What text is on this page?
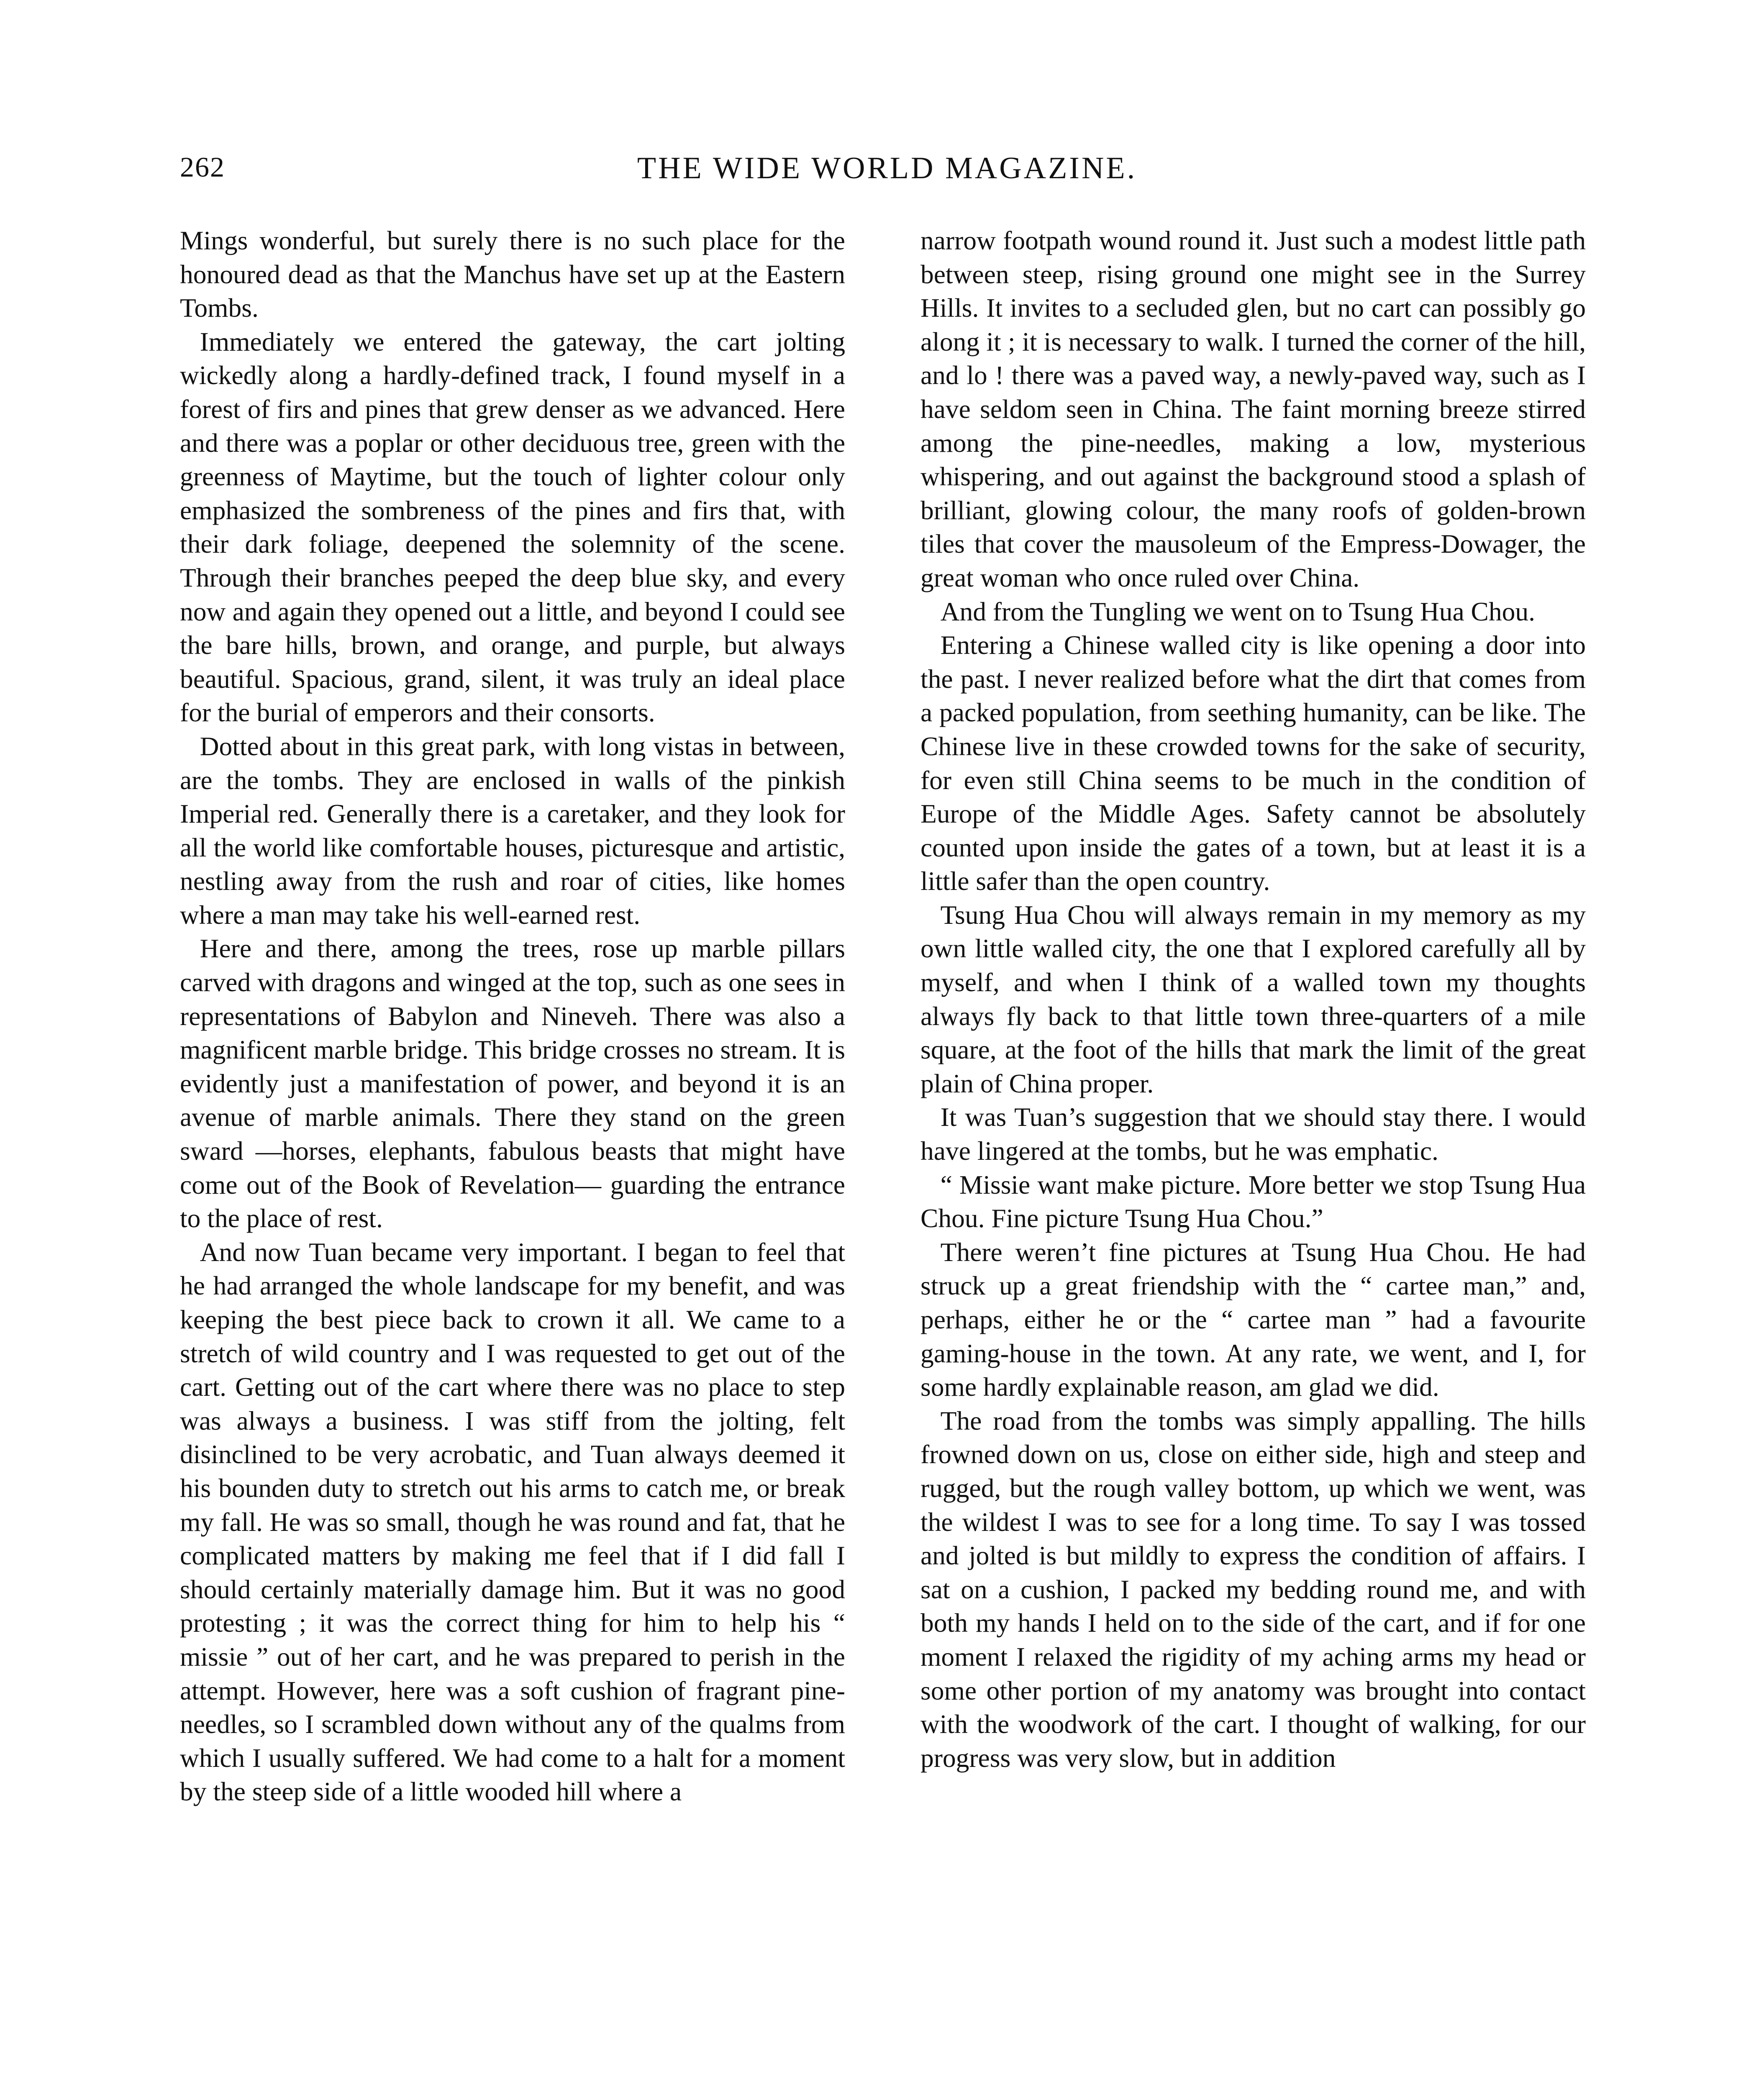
262	THE WIDE WORLD MAGAZINE.

Mings wonderful, but surely there is no such place for the honoured dead as that the Manchus have set up at the Eastern Tombs.

Immediately we entered the gateway, the cart jolting wickedly along a hardly-defined track, I found myself in a forest of firs and pines that grew denser as we advanced. Here and there was a poplar or other deciduous tree, green with the greenness of Maytime, but the touch of lighter colour only emphasized the sombreness of the pines and firs that, with their dark foliage, deepened the solemnity of the scene. Through their branches peeped the deep blue sky, and every now and again they opened out a little, and beyond I could see the bare hills, brown, and orange, and purple, but always beautiful. Spacious, grand, silent, it was truly an ideal place for the burial of emperors and their consorts.

Dotted about in this great park, with long vistas in between, are the tombs. They are enclosed in walls of the pinkish Imperial red. Generally there is a caretaker, and they look for all the world like comfortable houses, picturesque and artistic, nestling away from the rush and roar of cities, like homes where a man may take his well-earned rest.

Here and there, among the trees, rose up marble pillars carved with dragons and winged at the top, such as one sees in representations of Babylon and Nineveh. There was also a magnificent marble bridge. This bridge crosses no stream. It is evidently just a manifestation of power, and beyond it is an avenue of marble animals. There they stand on the green sward —horses, elephants, fabulous beasts that might have come out of the Book of Revelation— guarding the entrance to the place of rest.

And now Tuan became very important. I began to feel that he had arranged the whole landscape for my benefit, and was keeping the best piece back to crown it all. We came to a stretch of wild country and I was requested to get out of the cart. Getting out of the cart where there was no place to step was always a business. I was stiff from the jolting, felt disinclined to be very acrobatic, and Tuan always deemed it his bounden duty to stretch out his arms to catch me, or break my fall. He was so small, though he was round and fat, that he complicated matters by making me feel that if I did fall I should certainly materially damage him. But it was no good protesting ; it was the correct thing for him to help his “ missie ” out of her cart, and he was prepared to perish in the attempt. However, here was a soft cushion of fragrant pine-needles, so I scrambled down without any of the qualms from which I usually suffered. We had come to a halt for a moment by the steep side of a little wooded hill where a

narrow footpath wound round it. Just such a modest little path between steep, rising ground one might see in the Surrey Hills. It invites to a secluded glen, but no cart can possibly go along it ; it is necessary to walk. I turned the corner of the hill, and lo ! there was a paved way, a newly-paved way, such as I have seldom seen in China. The faint morning breeze stirred among the pine-needles, making a low, mysterious whispering, and out against the background stood a splash of brilliant, glowing colour, the many roofs of golden-brown tiles that cover the mausoleum of the Empress-Dowager, the great woman who once ruled over China.

And from the Tungling we went on to Tsung Hua Chou.

Entering a Chinese walled city is like opening a door into the past. I never realized before what the dirt that comes from a packed population, from seething humanity, can be like. The Chinese live in these crowded towns for the sake of security, for even still China seems to be much in the condition of Europe of the Middle Ages. Safety cannot be absolutely counted upon inside the gates of a town, but at least it is a little safer than the open country.

Tsung Hua Chou will always remain in my memory as my own little walled city, the one that I explored carefully all by myself, and when I think of a walled town my thoughts always fly back to that little town three-quarters of a mile square, at the foot of the hills that mark the limit of the great plain of China proper.

It was Tuan’s suggestion that we should stay there. I would have lingered at the tombs, but he was emphatic.

“ Missie want make picture. More better we stop Tsung Hua Chou. Fine picture Tsung Hua Chou.”

There weren’t fine pictures at Tsung Hua Chou. He had struck up a great friendship with the “ cartee man,” and, perhaps, either he or the “ cartee man ” had a favourite gaming-house in the town. At any rate, we went, and I, for some hardly explainable reason, am glad we did.

The road from the tombs was simply appalling. The hills frowned down on us, close on either side, high and steep and rugged, but the rough valley bottom, up which we went, was the wildest I was to see for a long time. To say I was tossed and jolted is but mildly to express the condition of affairs. I sat on a cushion, I packed my bedding round me, and with both my hands I held on to the side of the cart, and if for one moment I relaxed the rigidity of my aching arms my head or some other portion of my anatomy was brought into contact with the woodwork of the cart. I thought of walking, for our progress was very slow, but in addition
